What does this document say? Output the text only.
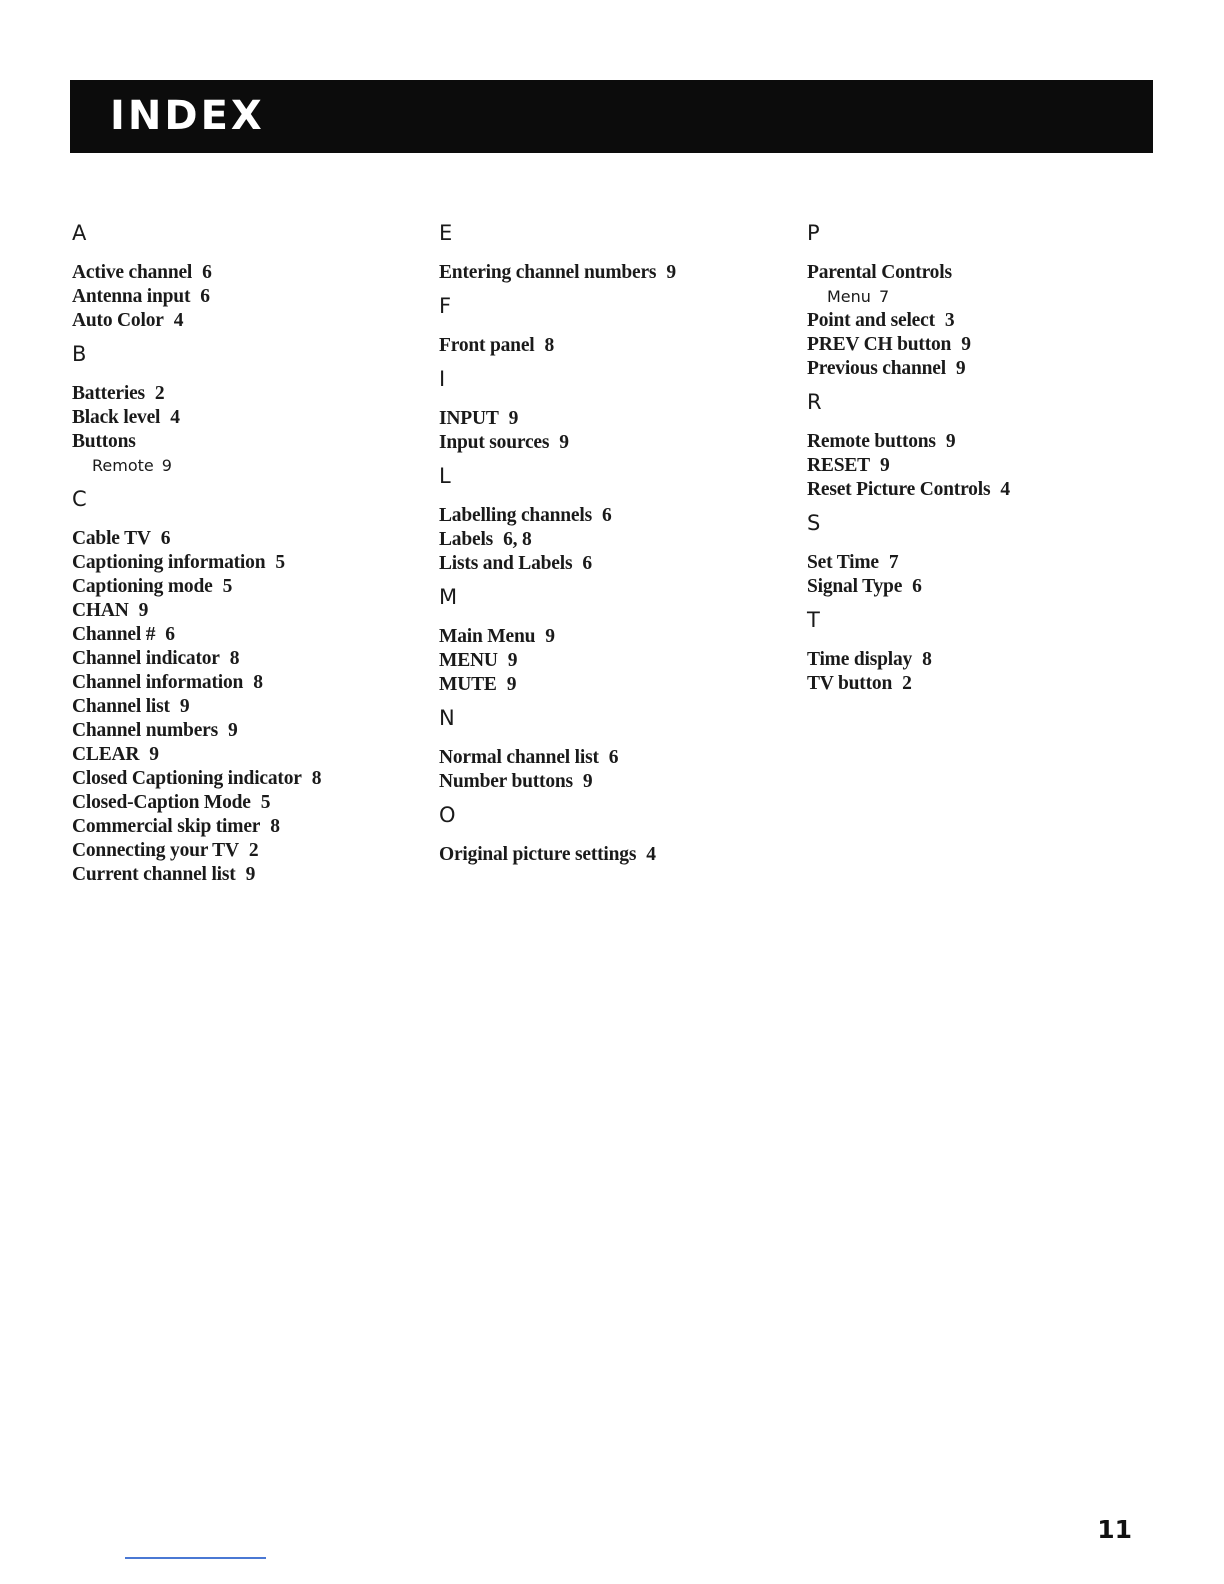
INDEX
A
Active channel 6
Antenna input 6
Auto Color 4
B
Batteries 2
Black level 4
Buttons
Remote 9
C
Cable TV 6
Captioning information 5
Captioning mode 5
CHAN 9
Channel # 6
Channel indicator 8
Channel information 8
Channel list 9
Channel numbers 9
CLEAR 9
Closed Captioning indicator 8
Closed-Caption Mode 5
Commercial skip timer 8
Connecting your TV 2
Current channel list 9
E
Entering channel numbers 9
F
Front panel 8
I
INPUT 9
Input sources 9
L
Labelling channels 6
Labels 6, 8
Lists and Labels 6
M
Main Menu 9
MENU 9
MUTE 9
N
Normal channel list 6
Number buttons 9
O
Original picture settings 4
P
Parental Controls
Menu 7
Point and select 3
PREV CH button 9
Previous channel 9
R
Remote buttons 9
RESET 9
Reset Picture Controls 4
S
Set Time 7
Signal Type 6
T
Time display 8
TV button 2
11
